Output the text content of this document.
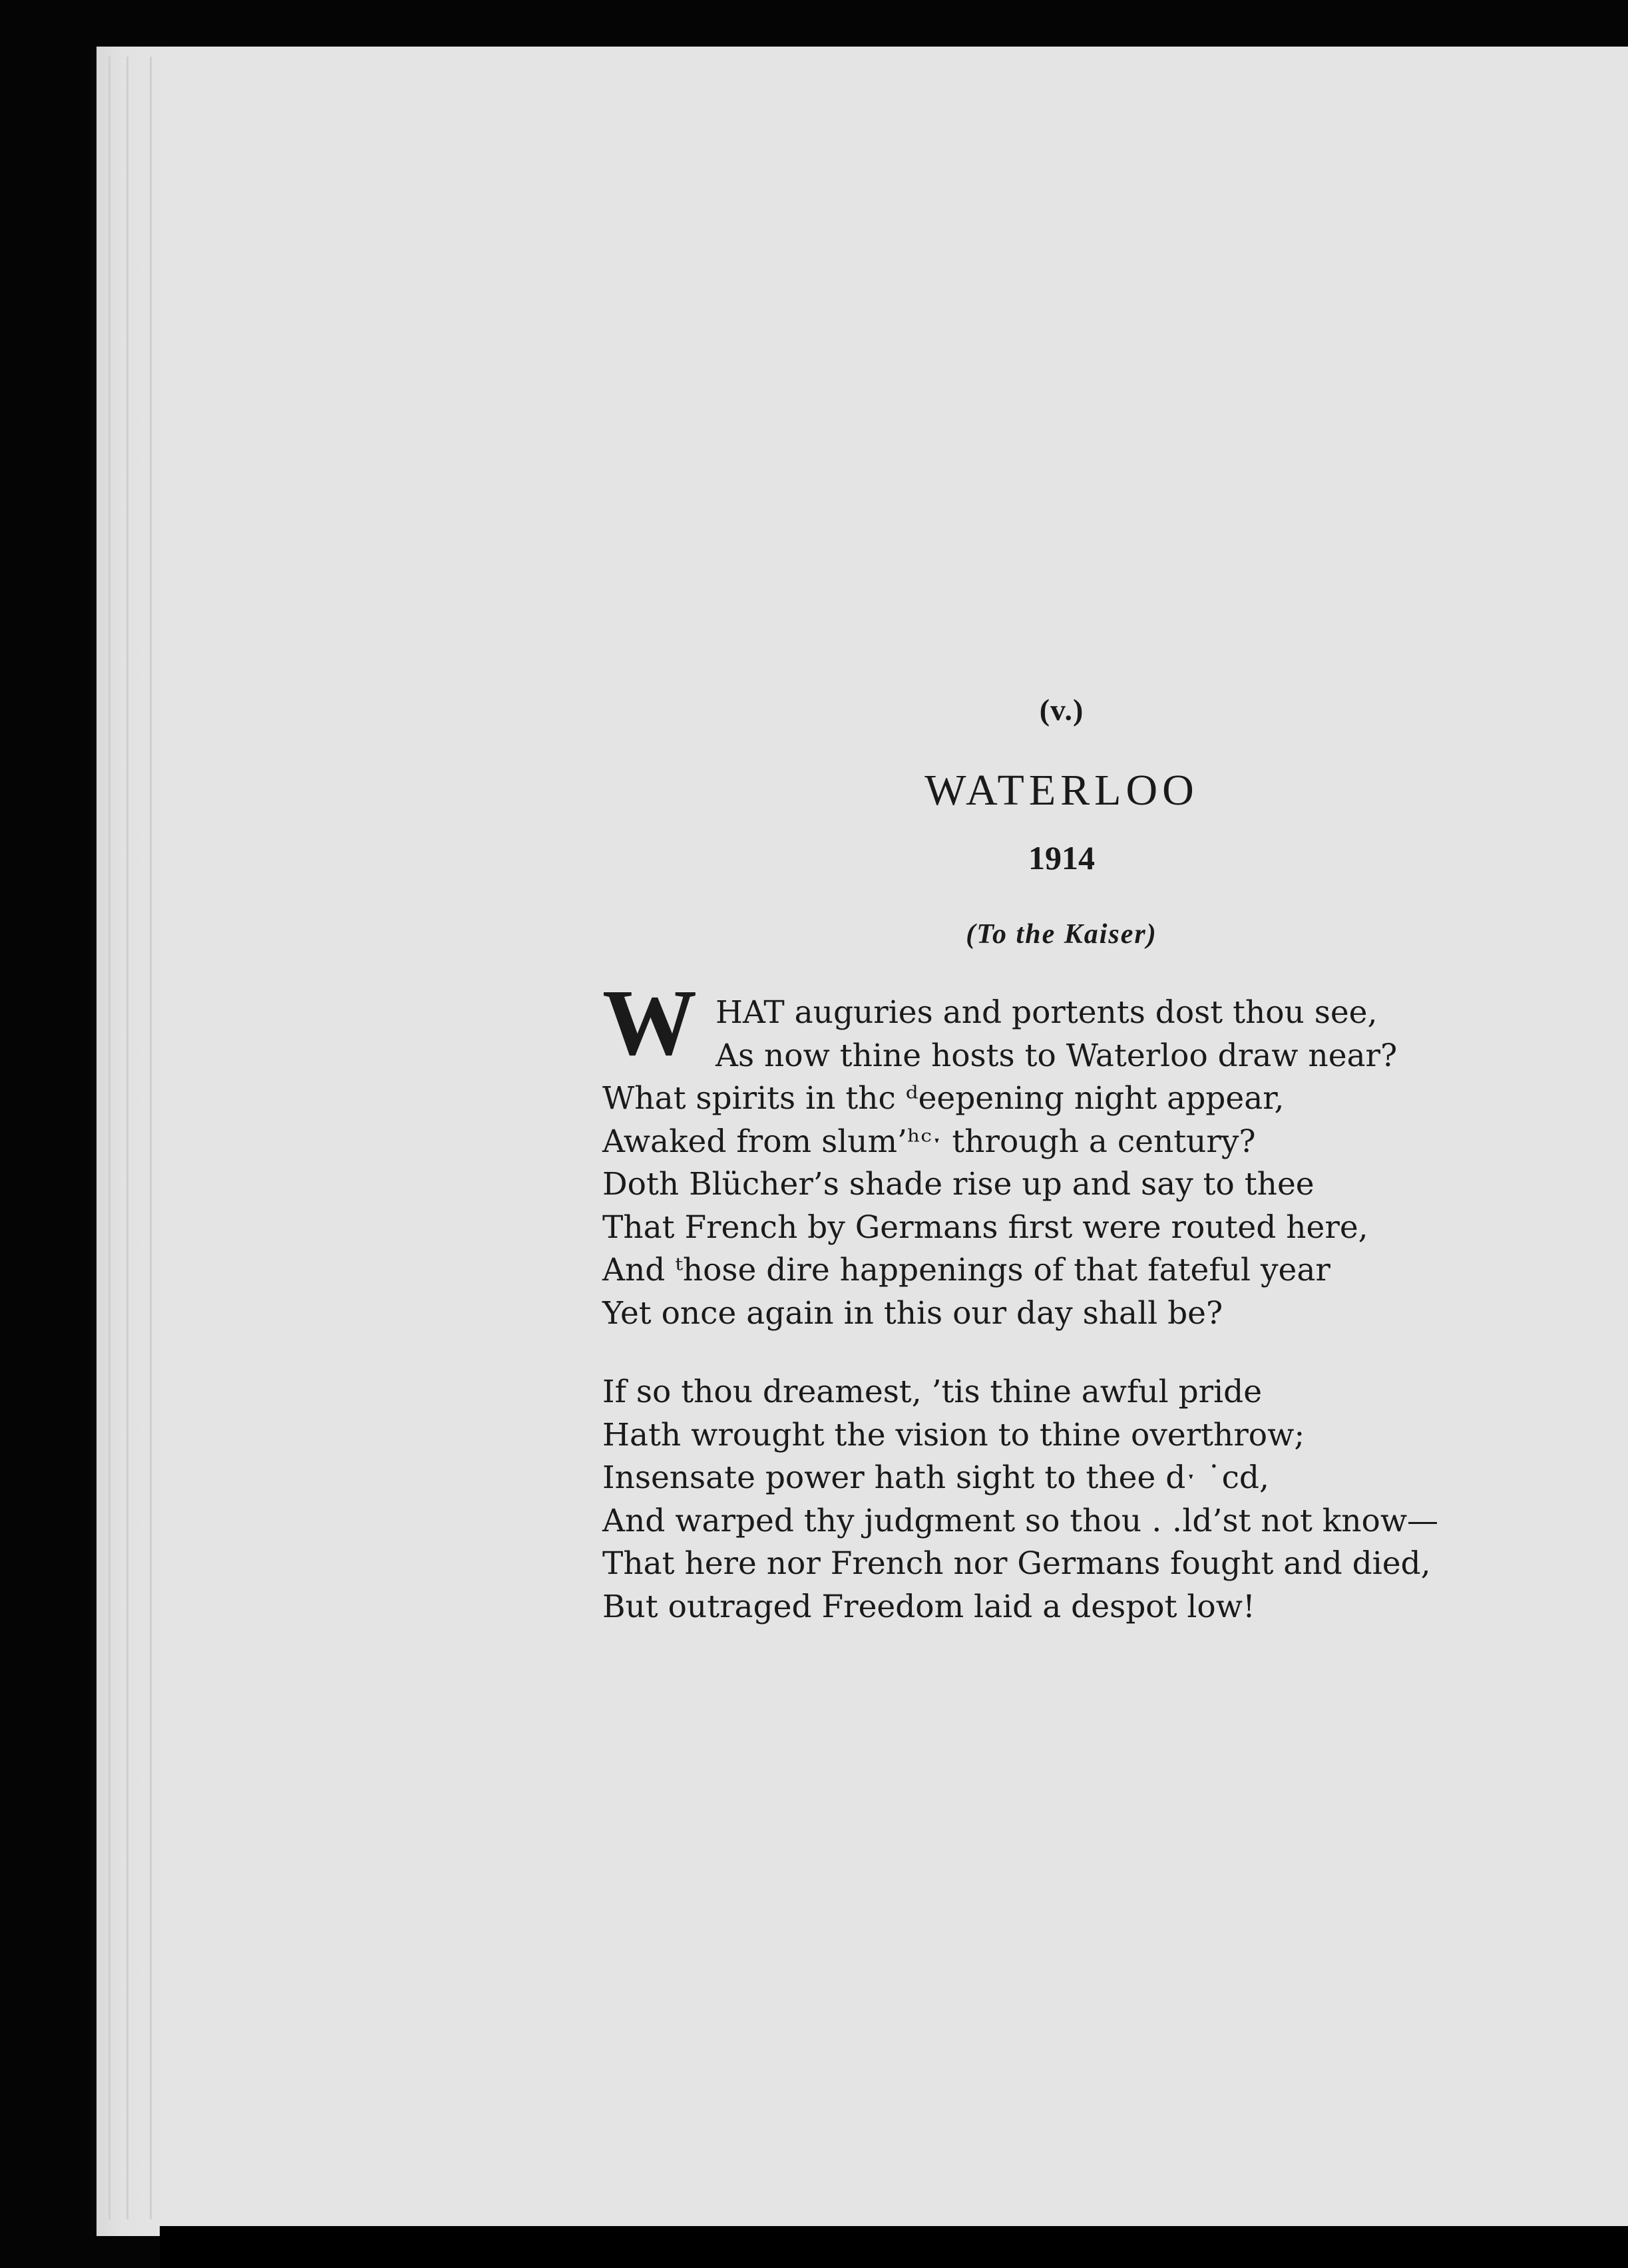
(v.)
WATERLOO
1914
(To the Kaiser)
W HAT auguries and portents dost thou see,
As now thine hosts to Waterloo draw near?
What spirits in thc ᵈeepening night appear,
Awaked from slum’ʰᶜˑ through a century?
Doth Blücher’s shade rise up and say to thee
That French by Germans first were routed here,
And ᵗhose dire happenings of that fateful year
Yet once again in this our day shall be?
If so thou dreamest, ’tis thine awful pride
Hath wrought the vision to thine overthrow;
Insensate power hath sight to thee dˑ ˙cd,
And warped thy judgment so thou ․ ․ld’st not know—
That here nor French nor Germans fought and died,
But outraged Freedom laid a despot low!
